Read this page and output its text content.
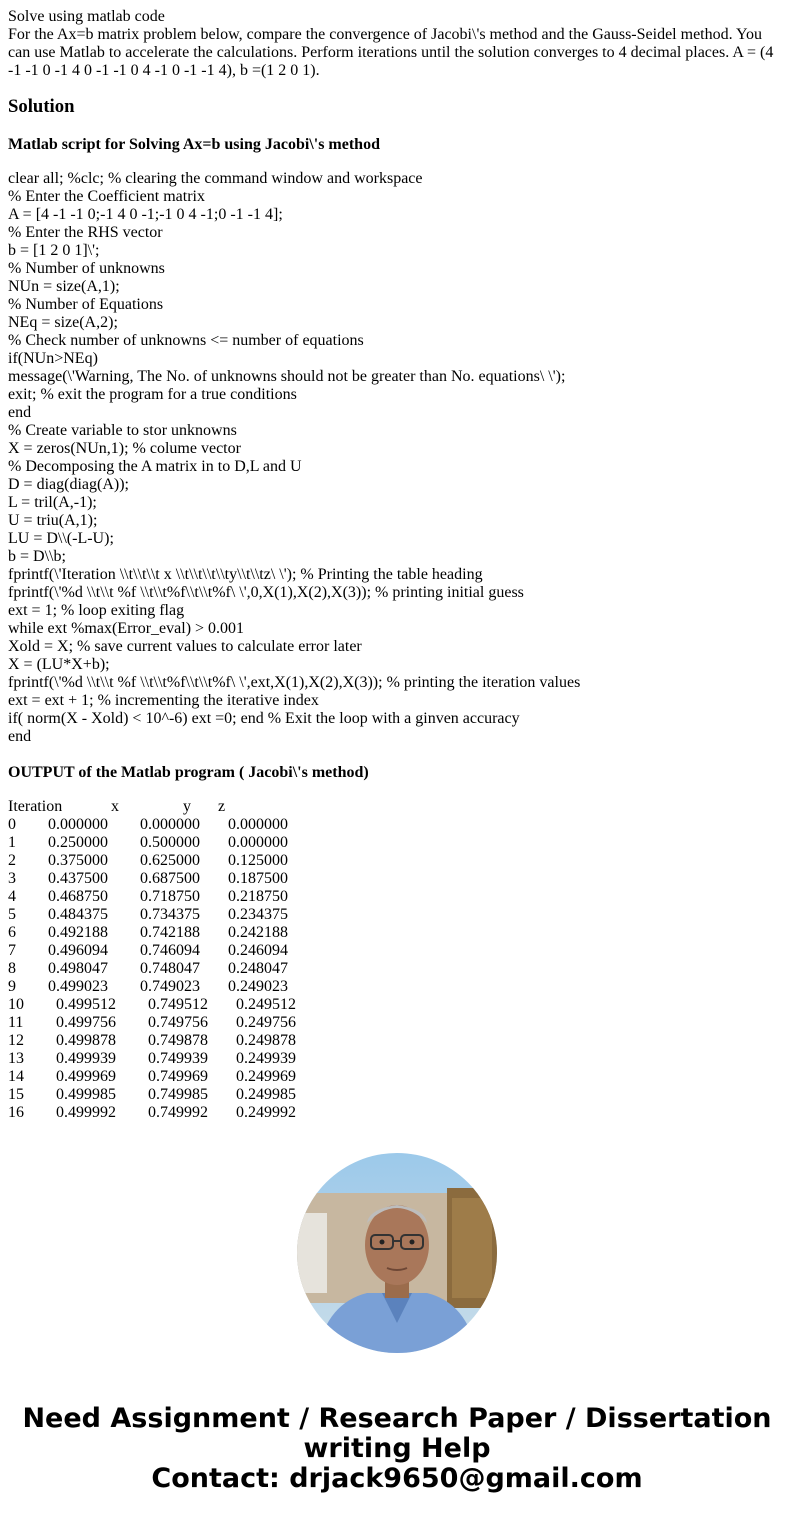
Solve using matlab code
For the Ax=b matrix problem below, compare the convergence of Jacobi\'s method and the Gauss-Seidel method. You can use Matlab to accelerate the calculations. Perform iterations until the solution converges to 4 decimal places. A = (4 -1 -1 0 -1 4 0 -1 -1 0 4 -1 0 -1 -1 4), b =(1 2 0 1).
Solution
Matlab script for Solving Ax=b using Jacobi\'s method
clear all; %clc; % clearing the command window and workspace
% Enter the Coefficient matrix
A = [4 -1 -1 0;-1 4 0 -1;-1 0 4 -1;0 -1 -1 4];
% Enter the RHS vector
b = [1 2 0 1]\';
% Number of unknowns
NUn = size(A,1);
% Number of Equations
NEq = size(A,2);
% Check number of unknowns <= number of equations
if(NUn>NEq)
message(\'Warning, The No. of unknowns should not be greater than No. equations\ \');
exit; % exit the program for a true conditions
end
% Create variable to stor unknowns
X = zeros(NUn,1); % colume vector
% Decomposing the A matrix in to D,L and U
D = diag(diag(A));
L = tril(A,-1);
U = triu(A,1);
LU = D\\(-L-U);
b = D\\b;
fprintf(\'Iteration \\t\\t\\t x \\t\\t\\t\\ty\\t\\tz\ \'); % Printing the table heading
fprintf(\'%d \\t\\t %f \\t\\t%f\\t\\t%f\ \',0,X(1),X(2),X(3)); % printing initial guess
ext = 1; % loop exiting flag
while ext %max(Error_eval) > 0.001
Xold = X; % save current values to calculate error later
X = (LU*X+b);
fprintf(\'%d \\t\\t %f \\t\\t%f\\t\\t%f\ \',ext,X(1),X(2),X(3)); % printing the iteration values
ext = ext + 1; % incrementing the iterative index
if( norm(X - Xold) < 10^-6) ext =0; end % Exit the loop with a ginven accuracy
end
OUTPUT of the Matlab program ( Jacobi\'s method)

Iteration

	x

	y

z

0 0.000000 0.000000 0.000000
1 0.250000 0.500000 0.000000
2 0.375000 0.625000 0.125000
3 0.437500 0.687500 0.187500
4 0.468750 0.718750 0.218750
5 0.484375 0.734375 0.234375
6 0.492188 0.742188 0.242188
7 0.496094 0.746094 0.246094
8 0.498047 0.748047 0.248047
9 0.499023 0.749023 0.249023
10 0.499512 0.749512 0.249512
11 0.499756 0.749756 0.249756
12 0.499878 0.749878 0.249878
13 0.499939 0.749939 0.249939
14 0.499969 0.749969 0.249969
15 0.499985 0.749985 0.249985
16 0.499992 0.749992 0.249992
Need Assignment / Research Paper / Dissertation
writing Help
Contact: drjack9650@gmail.com
